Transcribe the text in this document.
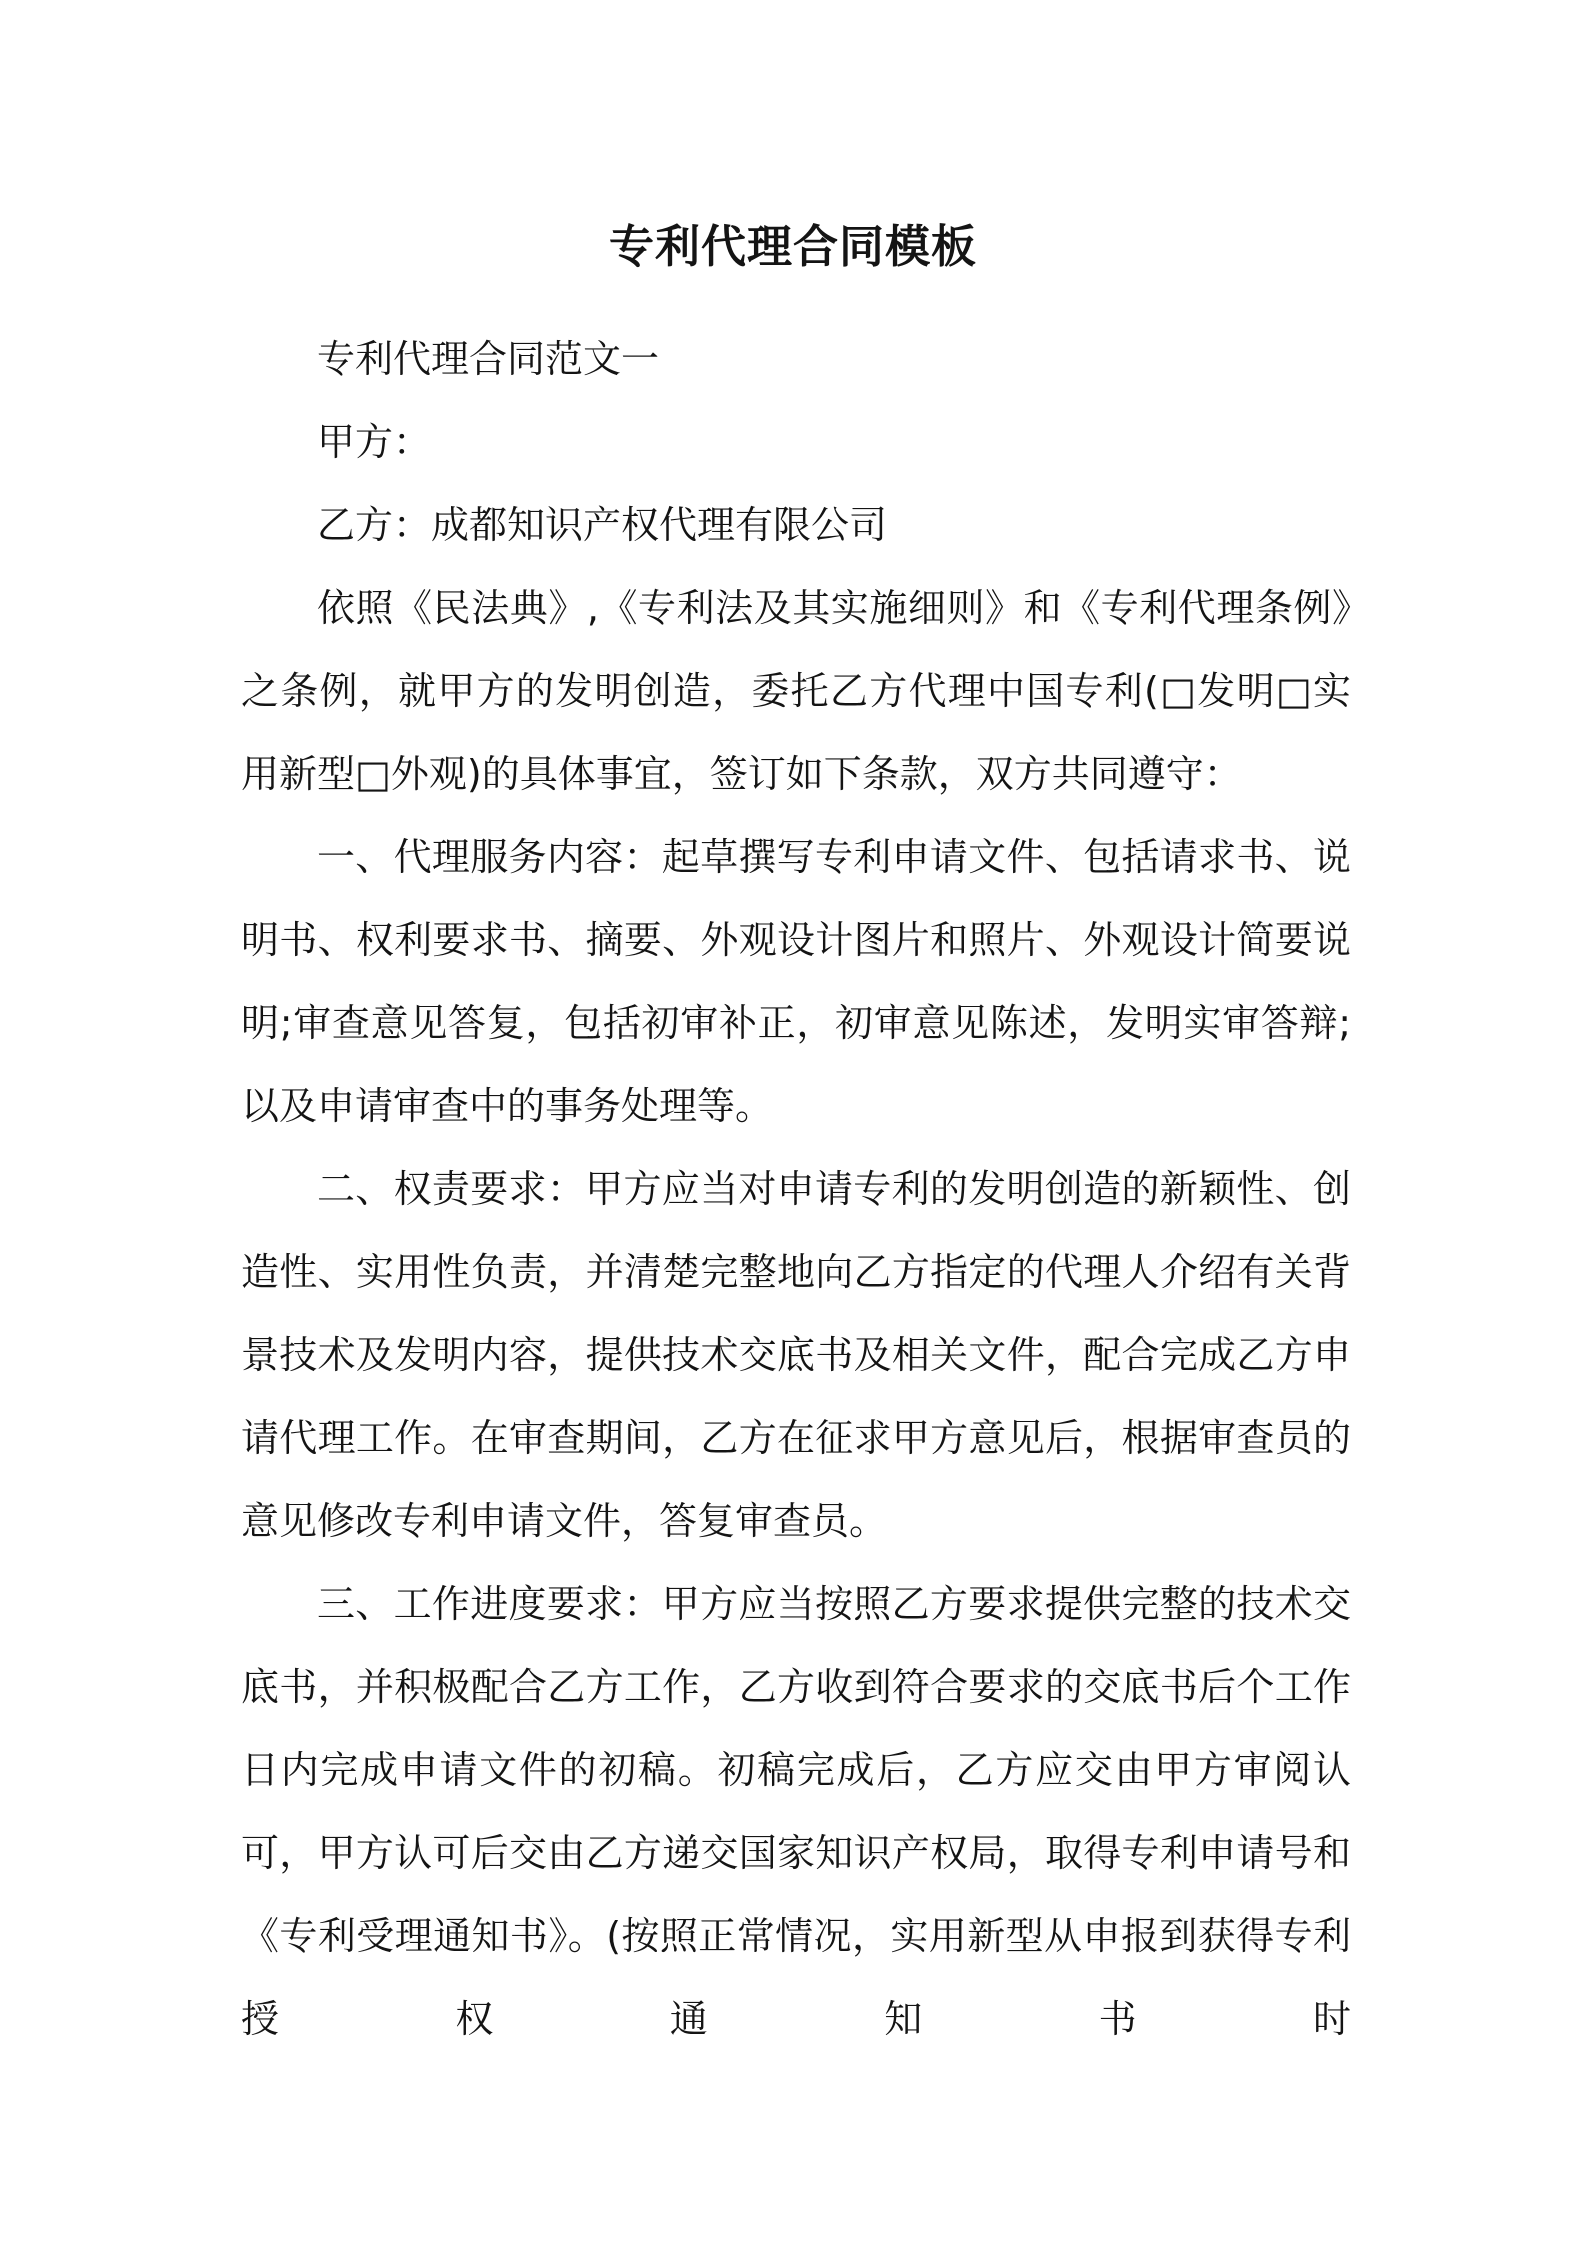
专利代理合同模板

专利代理合同范文一

甲方：

乙方：成都知识产权代理有限公司

依照《民法典》,《专利法及其实施细则》和《专利代理条例》之条例，就甲方的发明创造，委托乙方代理中国专利(□发明□实用新型□外观)的具体事宜，签订如下条款，双方共同遵守：

一、代理服务内容：起草撰写专利申请文件、包括请求书、说明书、权利要求书、摘要、外观设计图片和照片、外观设计简要说明;审查意见答复，包括初审补正，初审意见陈述，发明实审答辩;以及申请审查中的事务处理等。

二、权责要求：甲方应当对申请专利的发明创造的新颖性、创造性、实用性负责，并清楚完整地向乙方指定的代理人介绍有关背景技术及发明内容，提供技术交底书及相关文件，配合完成乙方申请代理工作。在审查期间，乙方在征求甲方意见后，根据审查员的意见修改专利申请文件，答复审查员。

三、工作进度要求：甲方应当按照乙方要求提供完整的技术交底书，并积极配合乙方工作，乙方收到符合要求的交底书后个工作日内完成申请文件的初稿。初稿完成后，乙方应交由甲方审阅认可，甲方认可后交由乙方递交国家知识产权局，取得专利申请号和《专利受理通知书》。(按照正常情况，实用新型从申报到获得专利授权通知书时
